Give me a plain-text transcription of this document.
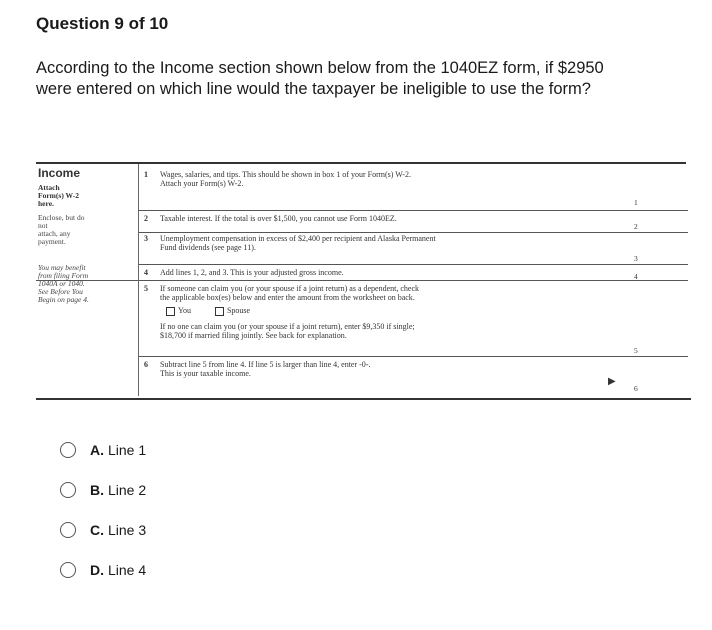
Question 9 of 10
According to the Income section shown below from the 1040EZ form, if $2950 were entered on which line would the taxpayer be ineligible to use the form?
Income
Attach
Form(s) W-2
here.
Enclose, but do
not
attach, any
payment.
You may benefit
from filing Form
1040A or 1040.
See Before You
Begin on page 4.
1 Wages, salaries, and tips. This should be shown in box 1 of your Form(s) W-2.
Attach your Form(s) W-2.
1
2 Taxable interest. If the total is over $1,500, you cannot use Form 1040EZ.
2
3 Unemployment compensation in excess of $2,400 per recipient and Alaska Permanent
Fund dividends (see page 11).
3
4 Add lines 1, 2, and 3. This is your adjusted gross income.	4
5 If someone can claim you (or your spouse if a joint return) as a dependent, check
the applicable box(es) below and enter the amount from the worksheet on back.
You	Spouse
If no one can claim you (or your spouse if a joint return), enter $9,350 if single;
$18,700 if married filing jointly. See back for explanation.
5
6 Subtract line 5 from line 4. If line 5 is larger than line 4, enter -0-.
This is your taxable income.
▶
6
A. Line 1
B. Line 2
C. Line 3
D. Line 4
